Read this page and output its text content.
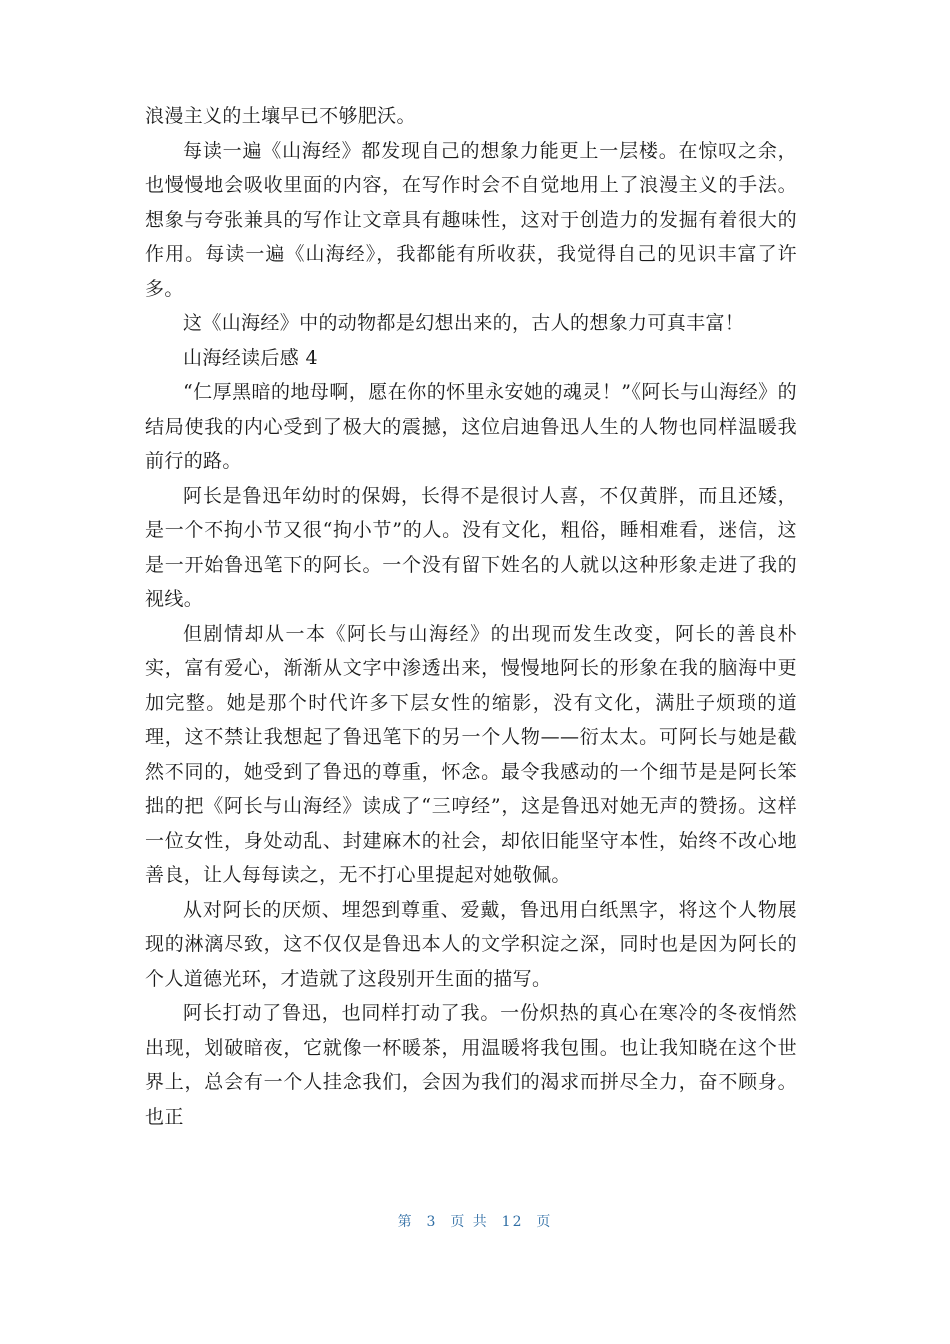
浪漫主义的土壤早已不够肥沃。

每读一遍《山海经》都发现自己的想象力能更上一层楼。在惊叹之余，也慢慢地会吸收里面的内容，在写作时会不自觉地用上了浪漫主义的手法。想象与夸张兼具的写作让文章具有趣味性，这对于创造力的发掘有着很大的作用。每读一遍《山海经》，我都能有所收获，我觉得自己的见识丰富了许多。

这《山海经》中的动物都是幻想出来的，古人的想象力可真丰富！

山海经读后感 4

“仁厚黑暗的地母啊，愿在你的怀里永安她的魂灵！”《阿长与山海经》的结局使我的内心受到了极大的震撼，这位启迪鲁迅人生的人物也同样温暖我前行的路。

阿长是鲁迅年幼时的保姆，长得不是很讨人喜，不仅黄胖，而且还矮，是一个不拘小节又很“拘小节”的人。没有文化，粗俗，睡相难看，迷信，这是一开始鲁迅笔下的阿长。一个没有留下姓名的人就以这种形象走进了我的视线。

但剧情却从一本《阿长与山海经》的出现而发生改变，阿长的善良朴实，富有爱心，渐渐从文字中渗透出来，慢慢地阿长的形象在我的脑海中更加完整。她是那个时代许多下层女性的缩影，没有文化，满肚子烦琐的道理，这不禁让我想起了鲁迅笔下的另一个人物——衍太太。可阿长与她是截然不同的，她受到了鲁迅的尊重，怀念。最令我感动的一个细节是是阿长笨拙的把《阿长与山海经》读成了“三哼经”，这是鲁迅对她无声的赞扬。这样一位女性，身处动乱、封建麻木的社会，却依旧能坚守本性，始终不改心地善良，让人每每读之，无不打心里提起对她敬佩。

从对阿长的厌烦、埋怨到尊重、爱戴，鲁迅用白纸黑字，将这个人物展现的淋漓尽致，这不仅仅是鲁迅本人的文学积淀之深，同时也是因为阿长的个人道德光环，才造就了这段别开生面的描写。

阿长打动了鲁迅，也同样打动了我。一份炽热的真心在寒冷的冬夜悄然出现，划破暗夜，它就像一杯暖茶，用温暖将我包围。也让我知晓在这个世界上，总会有一个人挂念我们，会因为我们的渴求而拼尽全力，奋不顾身。也正

第  3  页 共  12  页
